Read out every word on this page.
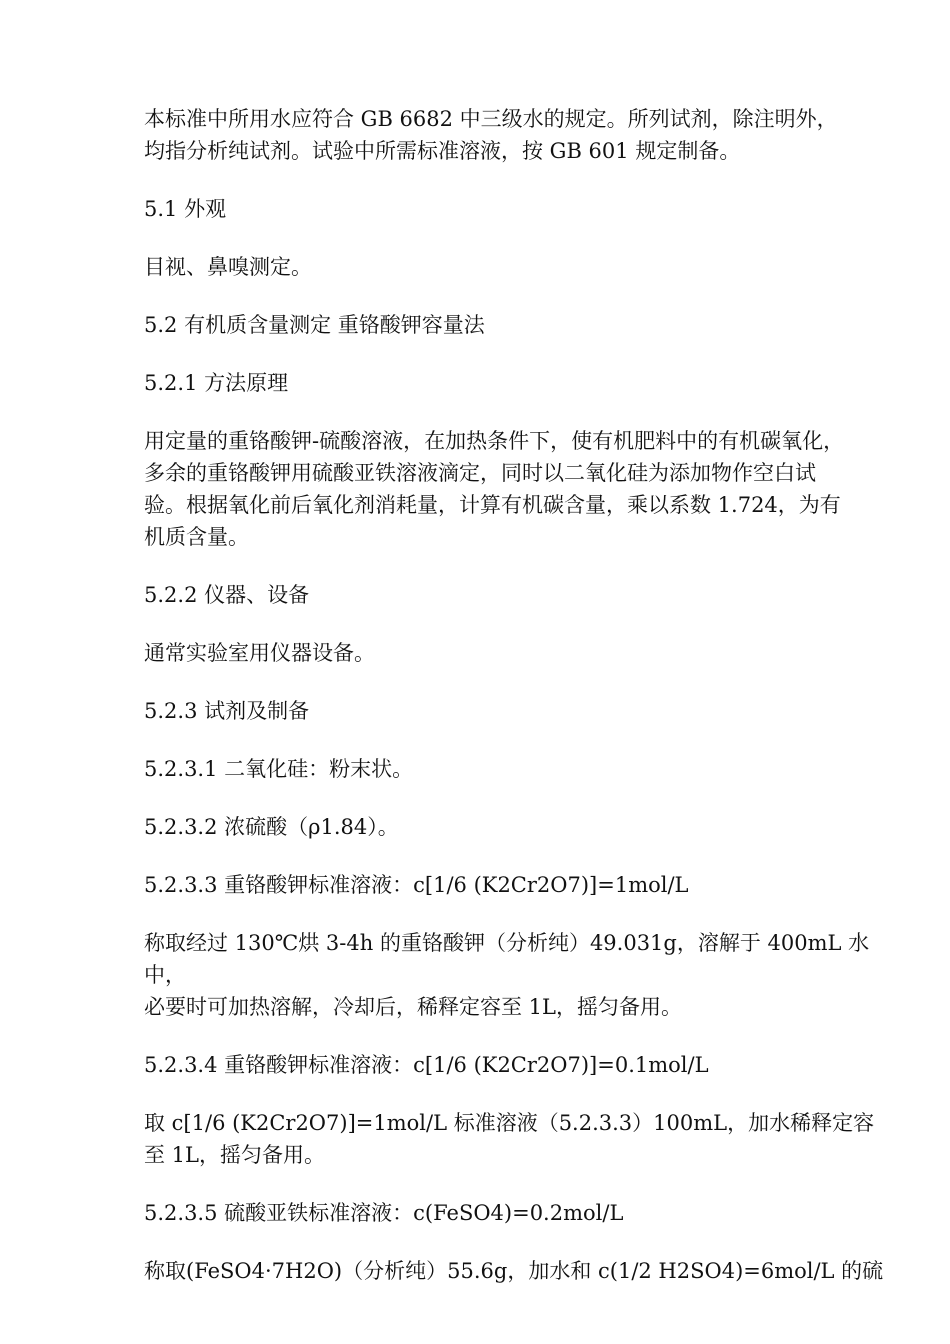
本标准中所用水应符合 GB 6682 中三级水的规定。所列试剂，除注明外，
均指分析纯试剂。试验中所需标准溶液，按 GB 601 规定制备。

5.1 外观

目视、鼻嗅测定。

5.2 有机质含量测定 重铬酸钾容量法

5.2.1 方法原理

用定量的重铬酸钾-硫酸溶液，在加热条件下，使有机肥料中的有机碳氧化，
多余的重铬酸钾用硫酸亚铁溶液滴定，同时以二氧化硅为添加物作空白试
验。根据氧化前后氧化剂消耗量，计算有机碳含量，乘以系数 1.724，为有
机质含量。

5.2.2 仪器、设备

通常实验室用仪器设备。

5.2.3 试剂及制备

5.2.3.1 二氧化硅：粉末状。

5.2.3.2 浓硫酸（ρ1.84）。

5.2.3.3 重铬酸钾标准溶液：c[1/6 (K2Cr2O7)]=1mol/L

称取经过 130℃烘 3-4h 的重铬酸钾（分析纯）49.031g，溶解于 400mL 水中，
必要时可加热溶解，冷却后，稀释定容至 1L，摇匀备用。

5.2.3.4 重铬酸钾标准溶液：c[1/6 (K2Cr2O7)]=0.1mol/L

取 c[1/6 (K2Cr2O7)]=1mol/L 标准溶液（5.2.3.3）100mL，加水稀释定容
至 1L，摇匀备用。

5.2.3.5 硫酸亚铁标准溶液：c(FeSO4)=0.2mol/L

称取(FeSO4·7H2O)（分析纯）55.6g，加水和 c(1/2 H2SO4)=6mol/L 的硫
